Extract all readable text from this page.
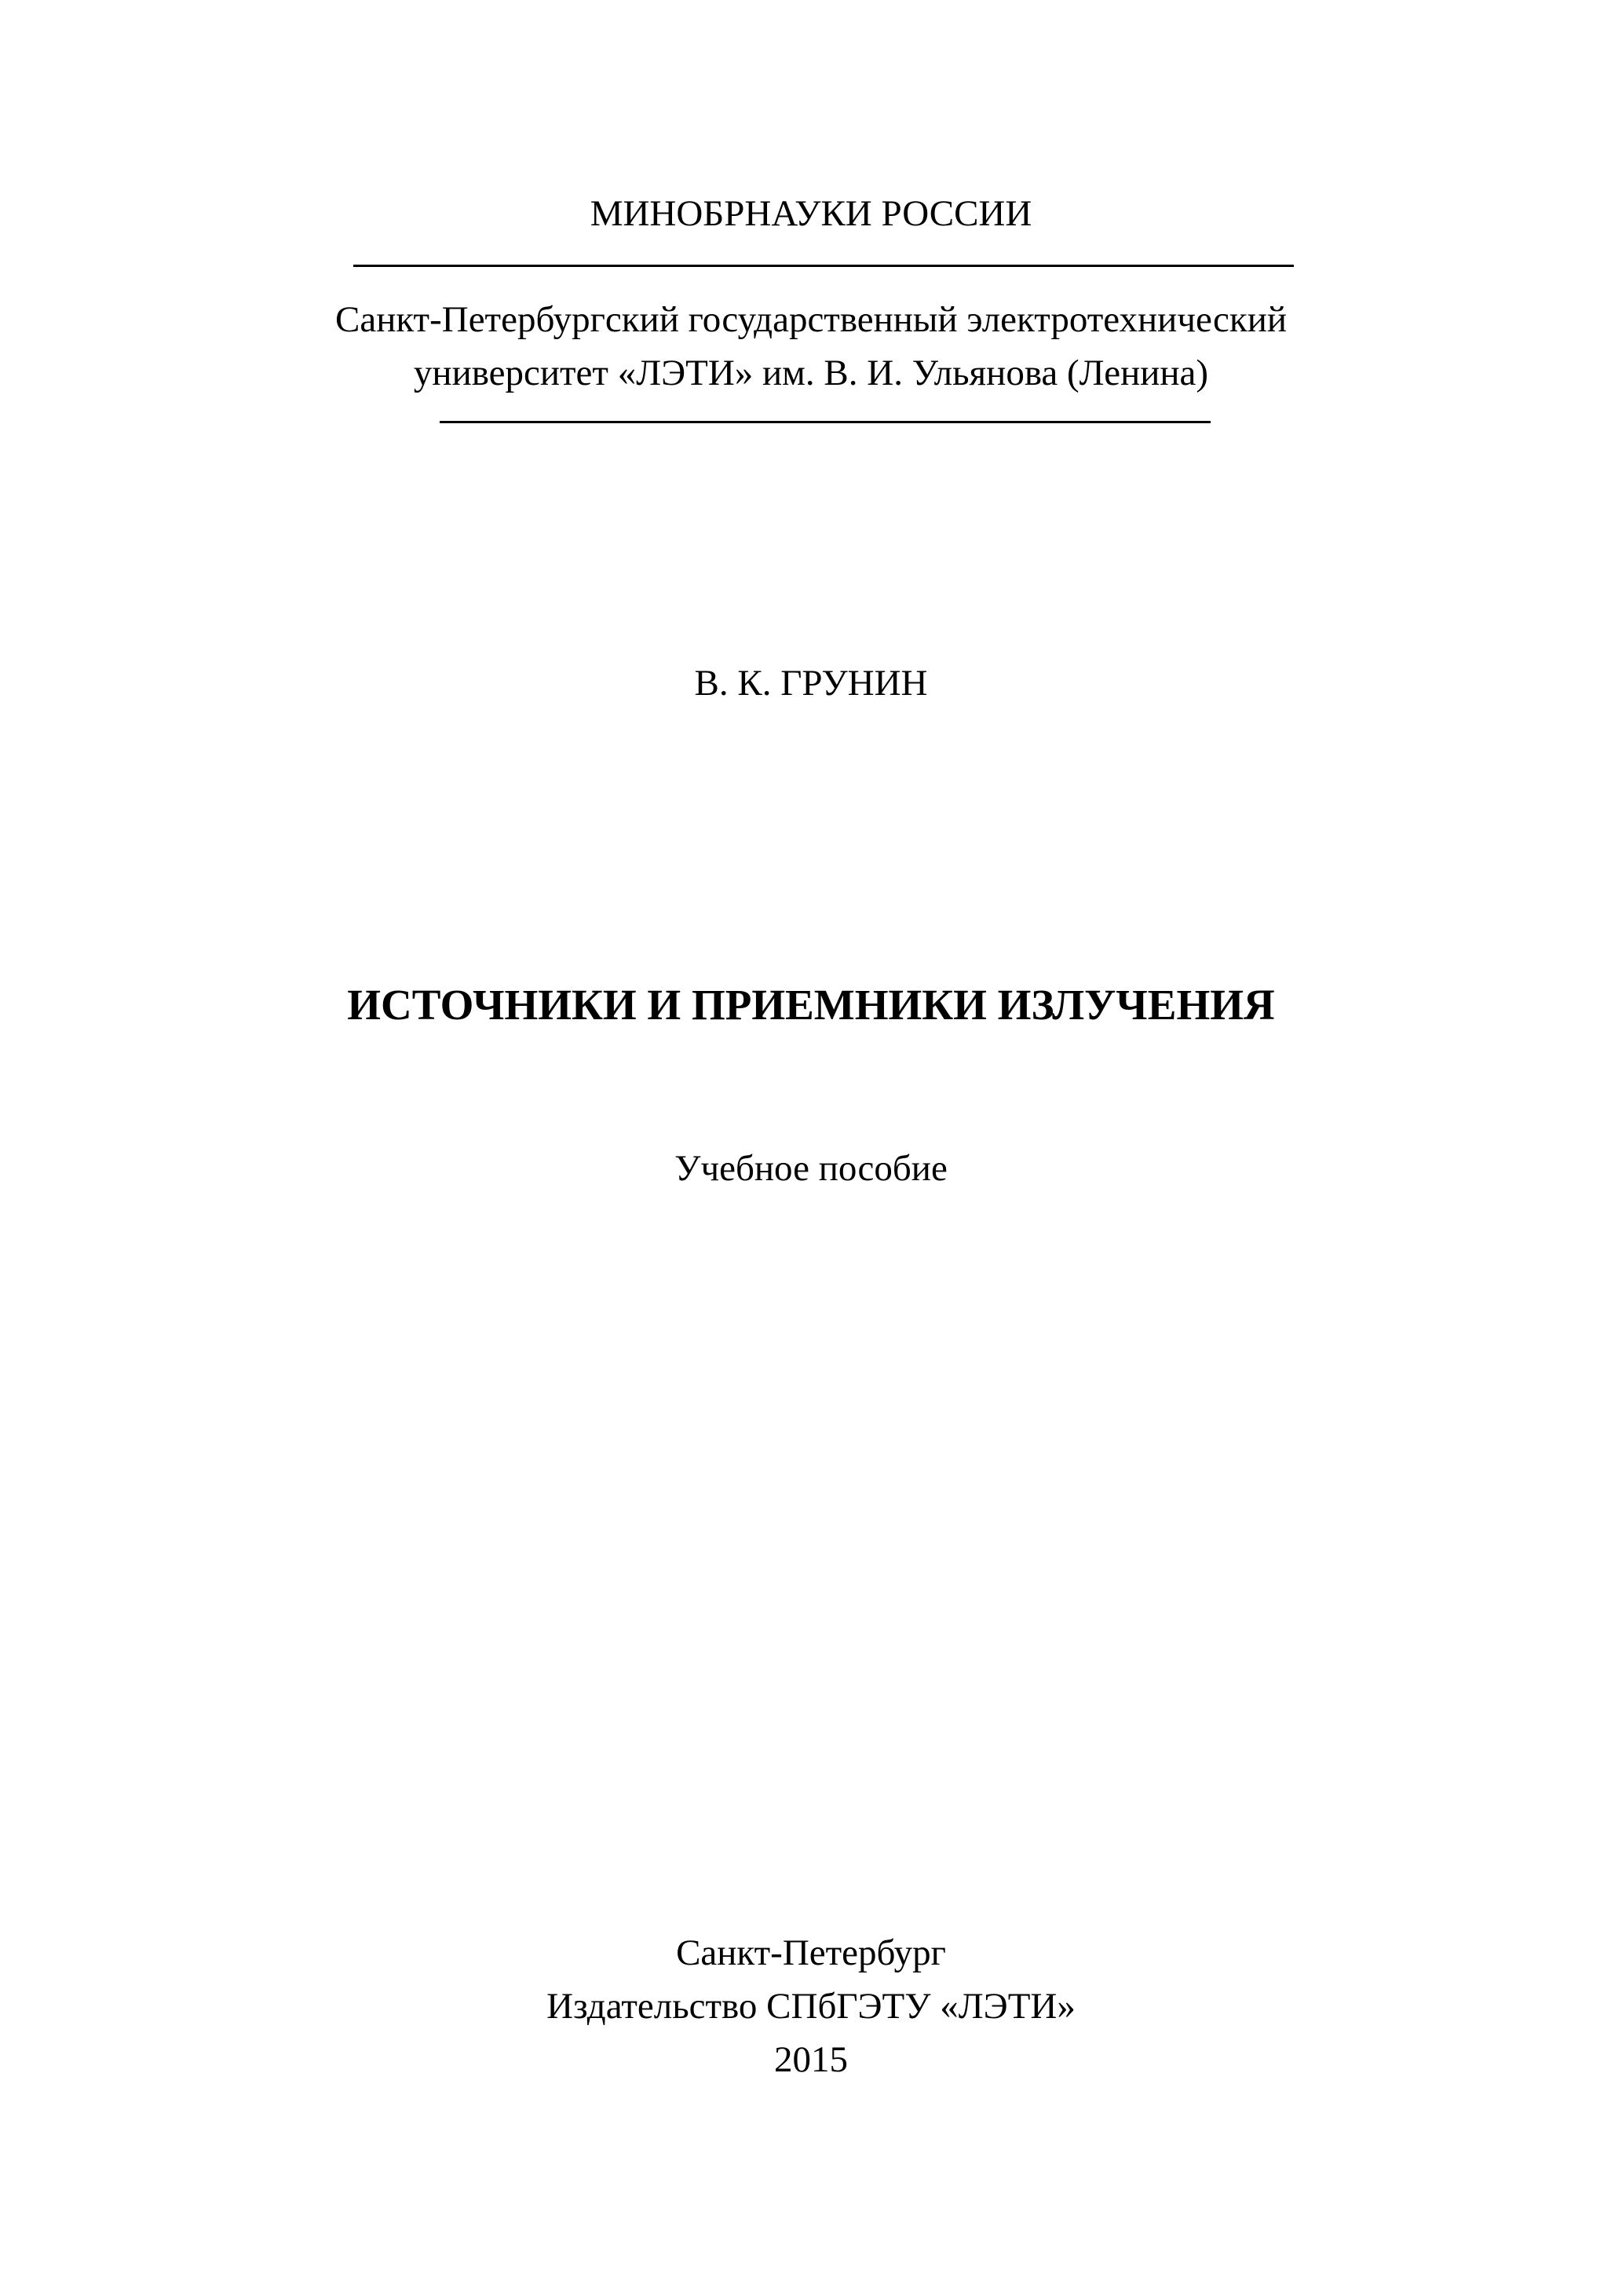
МИНОБРНАУКИ РОССИИ
Санкт-Петербургский государственный электротехнический
университет «ЛЭТИ» им. В. И. Ульянова (Ленина)
В. К. ГРУНИН
ИСТОЧНИКИ И ПРИЕМНИКИ ИЗЛУЧЕНИЯ
Учебное пособие
Санкт-Петербург
Издательство СПбГЭТУ «ЛЭТИ»
2015
